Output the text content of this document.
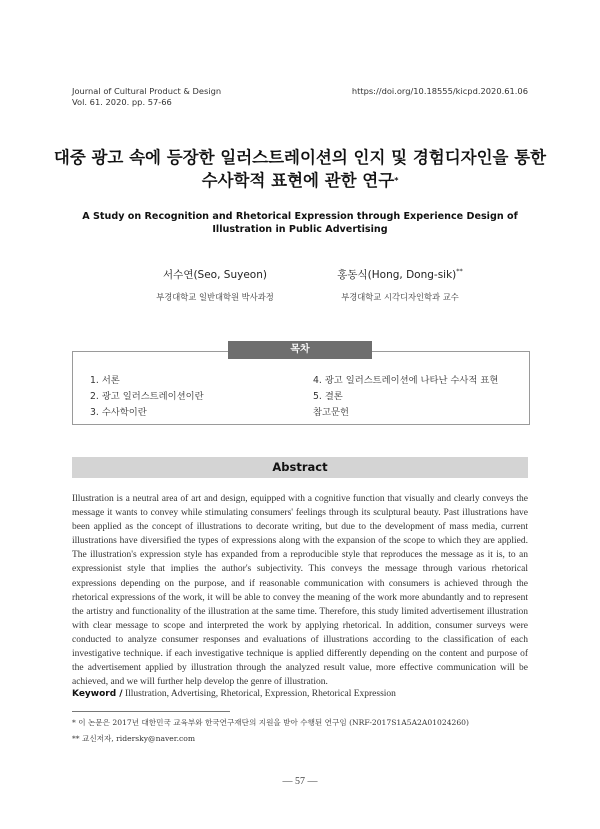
Journal of Cultural Product & Design
Vol. 61. 2020. pp. 57-66
https://doi.org/10.18555/kicpd.2020.61.06
대중 광고 속에 등장한 일러스트레이션의 인지 및 경험디자인을 통한
수사학적 표현에 관한 연구*
A Study on Recognition and Rhetorical Expression through Experience Design of Illustration in Public Advertising
서수연(Seo, Suyeon)
부경대학교 일반대학원 박사과정
홍동식(Hong, Dong-sik)**
부경대학교 시각디자인학과 교수
목차
1. 서론
2. 광고 일러스트레이션이란
3. 수사학이란
4. 광고 일러스트레이션에 나타난 수사적 표현
5. 결론
참고문헌
Abstract
Illustration is a neutral area of art and design, equipped with a cognitive function that visually and clearly conveys the message it wants to convey while stimulating consumers' feelings through its sculptural beauty. Past illustrations have been applied as the concept of illustrations to decorate writing, but due to the development of mass media, current illustrations have diversified the types of expressions along with the expansion of the scope to which they are applied. The illustration's expression style has expanded from a reproducible style that reproduces the message as it is, to an expressionist style that implies the author's subjectivity. This conveys the message through various rhetorical expressions depending on the purpose, and if reasonable communication with consumers is achieved through the rhetorical expressions of the work, it will be able to convey the meaning of the work more abundantly and to represent the artistry and functionality of the illustration at the same time. Therefore, this study limited advertisement illustration with clear message to scope and interpreted the work by applying rhetorical. In addition, consumer surveys were conducted to analyze consumer responses and evaluations of illustrations according to the classification of each investigative technique. if each investigative technique is applied differently depending on the content and purpose of the advertisement applied by illustration through the analyzed result value, more effective communication will be achieved, and we will further help develop the genre of illustration.
Keyword / Illustration, Advertising, Rhetorical, Expression, Rhetorical Expression
* 이 논문은 2017년 대한민국 교육부와 한국연구재단의 지원을 받아 수행된 연구임 (NRF-2017S1A5A2A01024260)
** 교신저자, ridersky@naver.com
— 57 —
